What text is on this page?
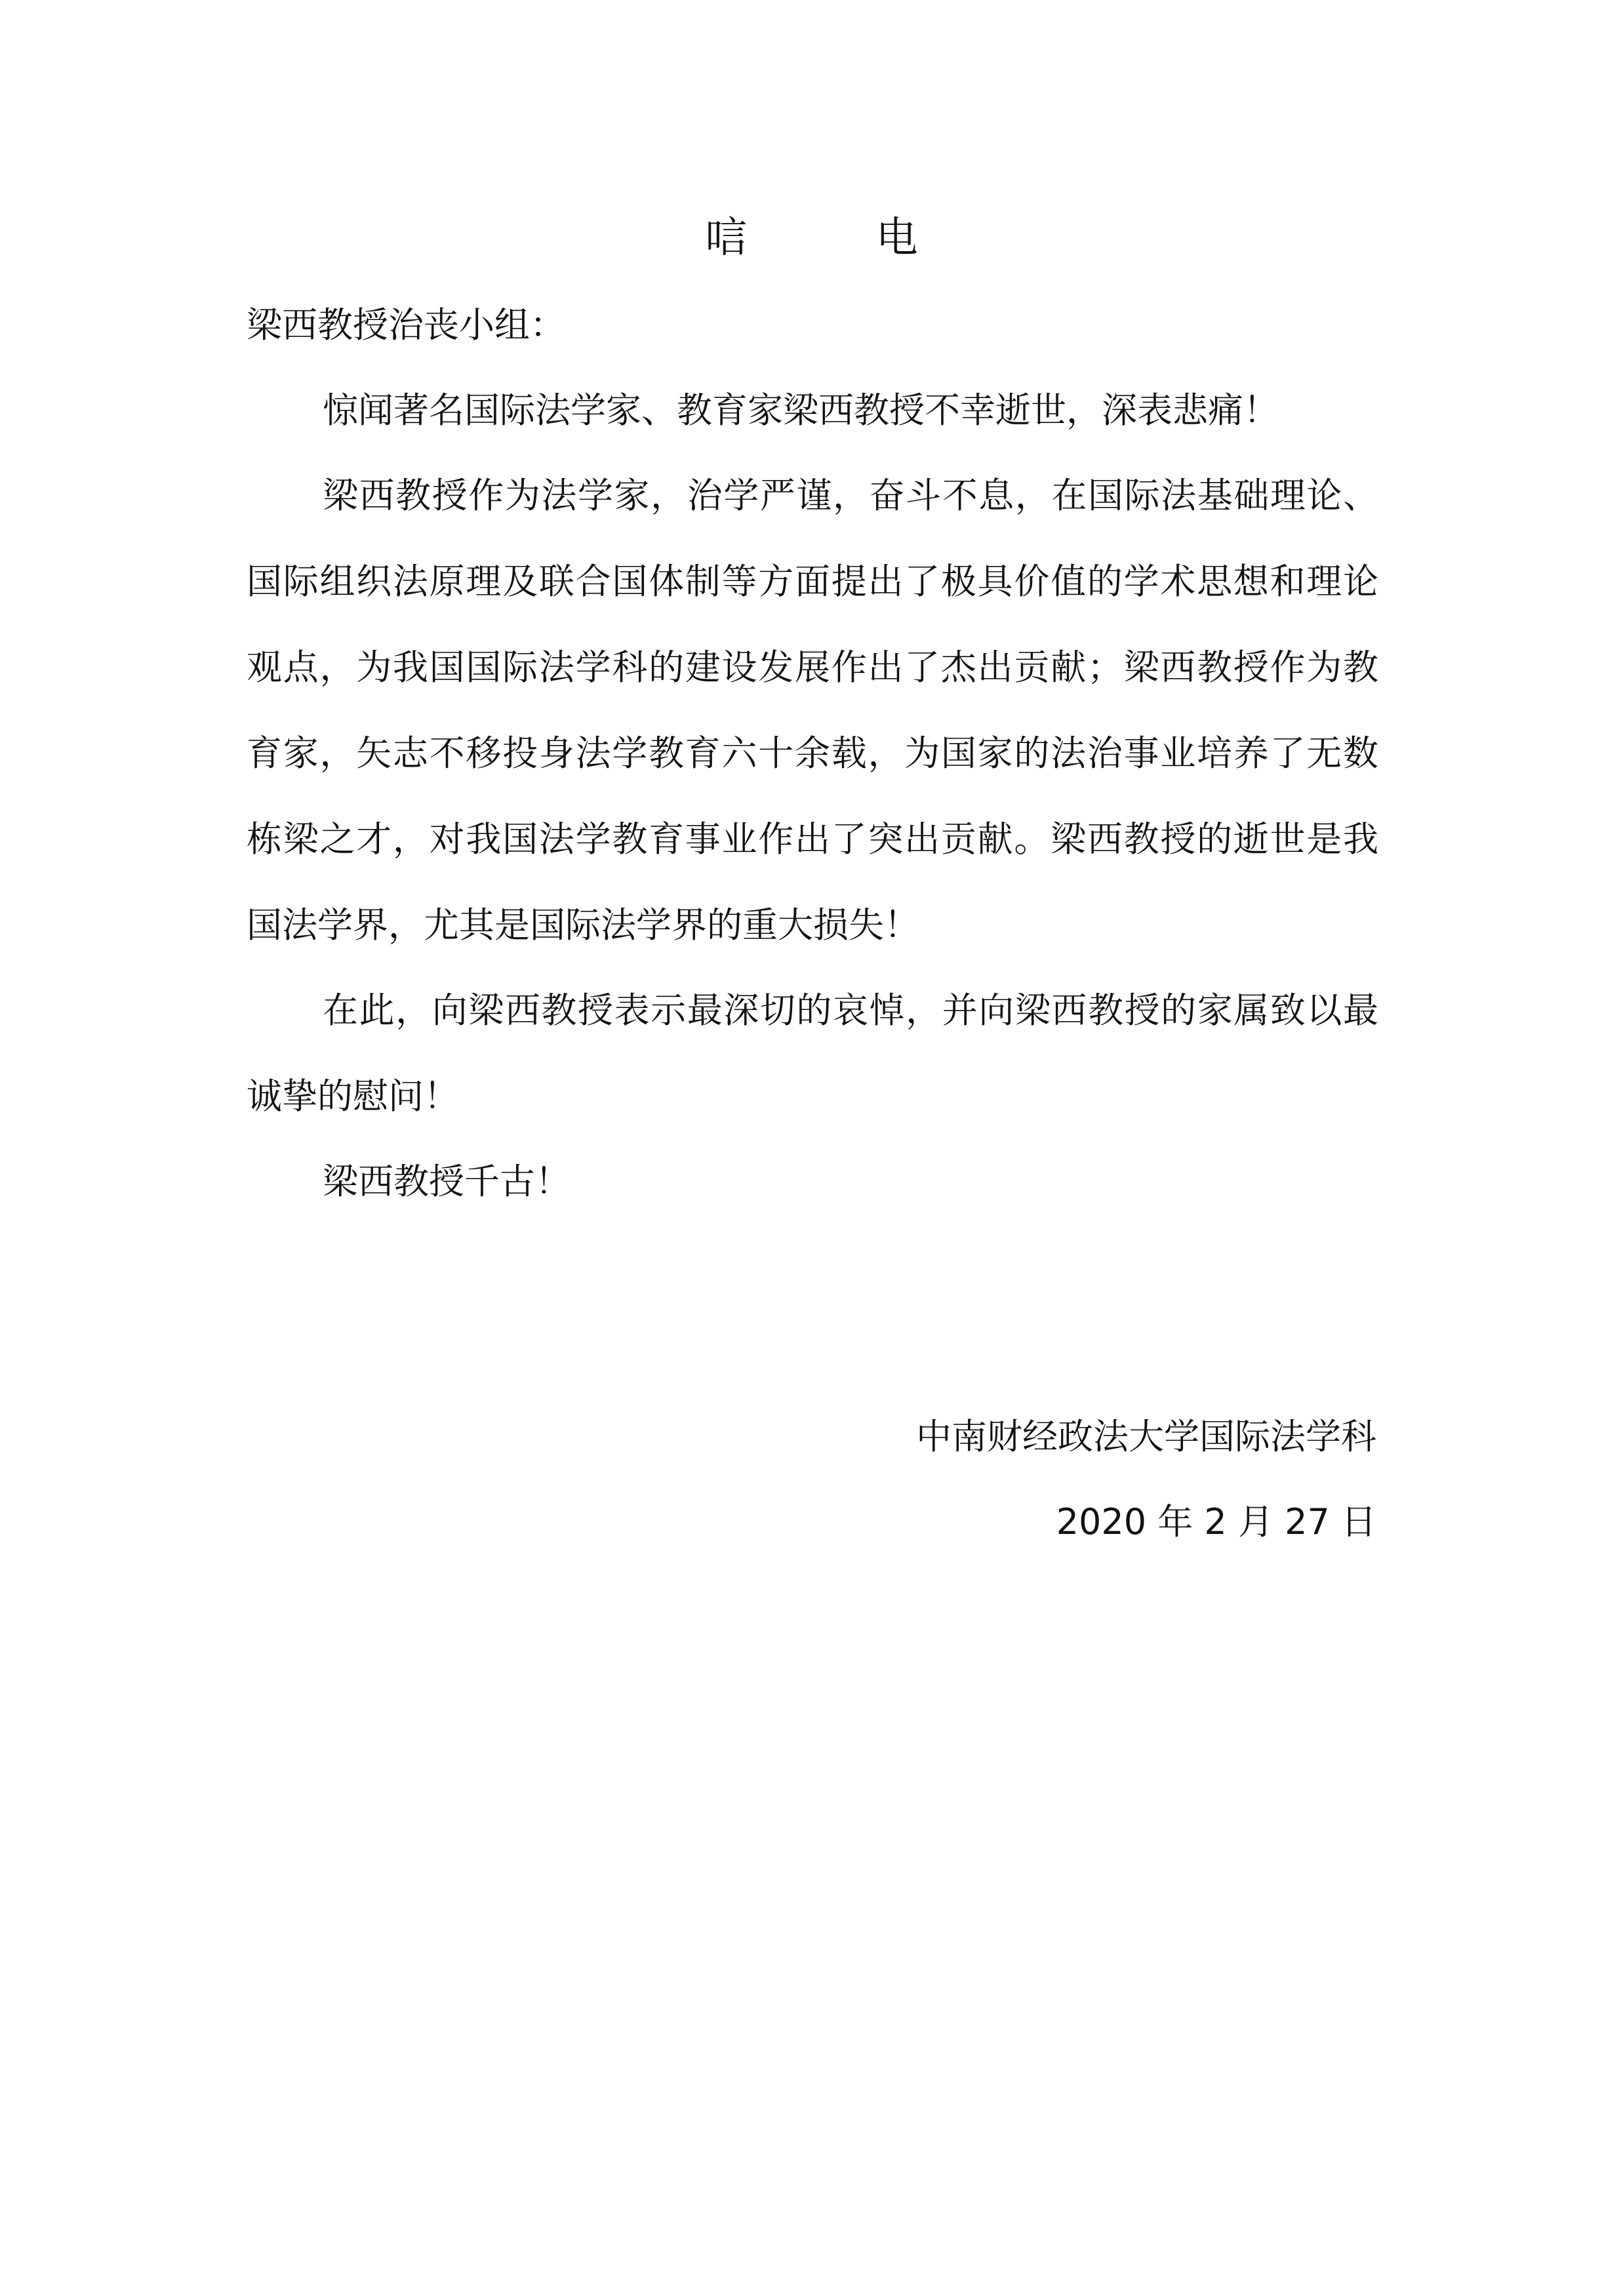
唁 电
梁西教授治丧小组：
惊闻著名国际法学家、教育家梁西教授不幸逝世，深表悲痛！
梁西教授作为法学家，治学严谨，奋斗不息，在国际法基础理论、国际组织法原理及联合国体制等方面提出了极具价值的学术思想和理论观点，为我国国际法学科的建设发展作出了杰出贡献；梁西教授作为教育家，矢志不移投身法学教育六十余载，为国家的法治事业培养了无数栋梁之才，对我国法学教育事业作出了突出贡献。梁西教授的逝世是我国法学界，尤其是国际法学界的重大损失！
在此，向梁西教授表示最深切的哀悼，并向梁西教授的家属致以最诚挚的慰问！
梁西教授千古！
中南财经政法大学国际法学科
2020 年 2 月 27 日
